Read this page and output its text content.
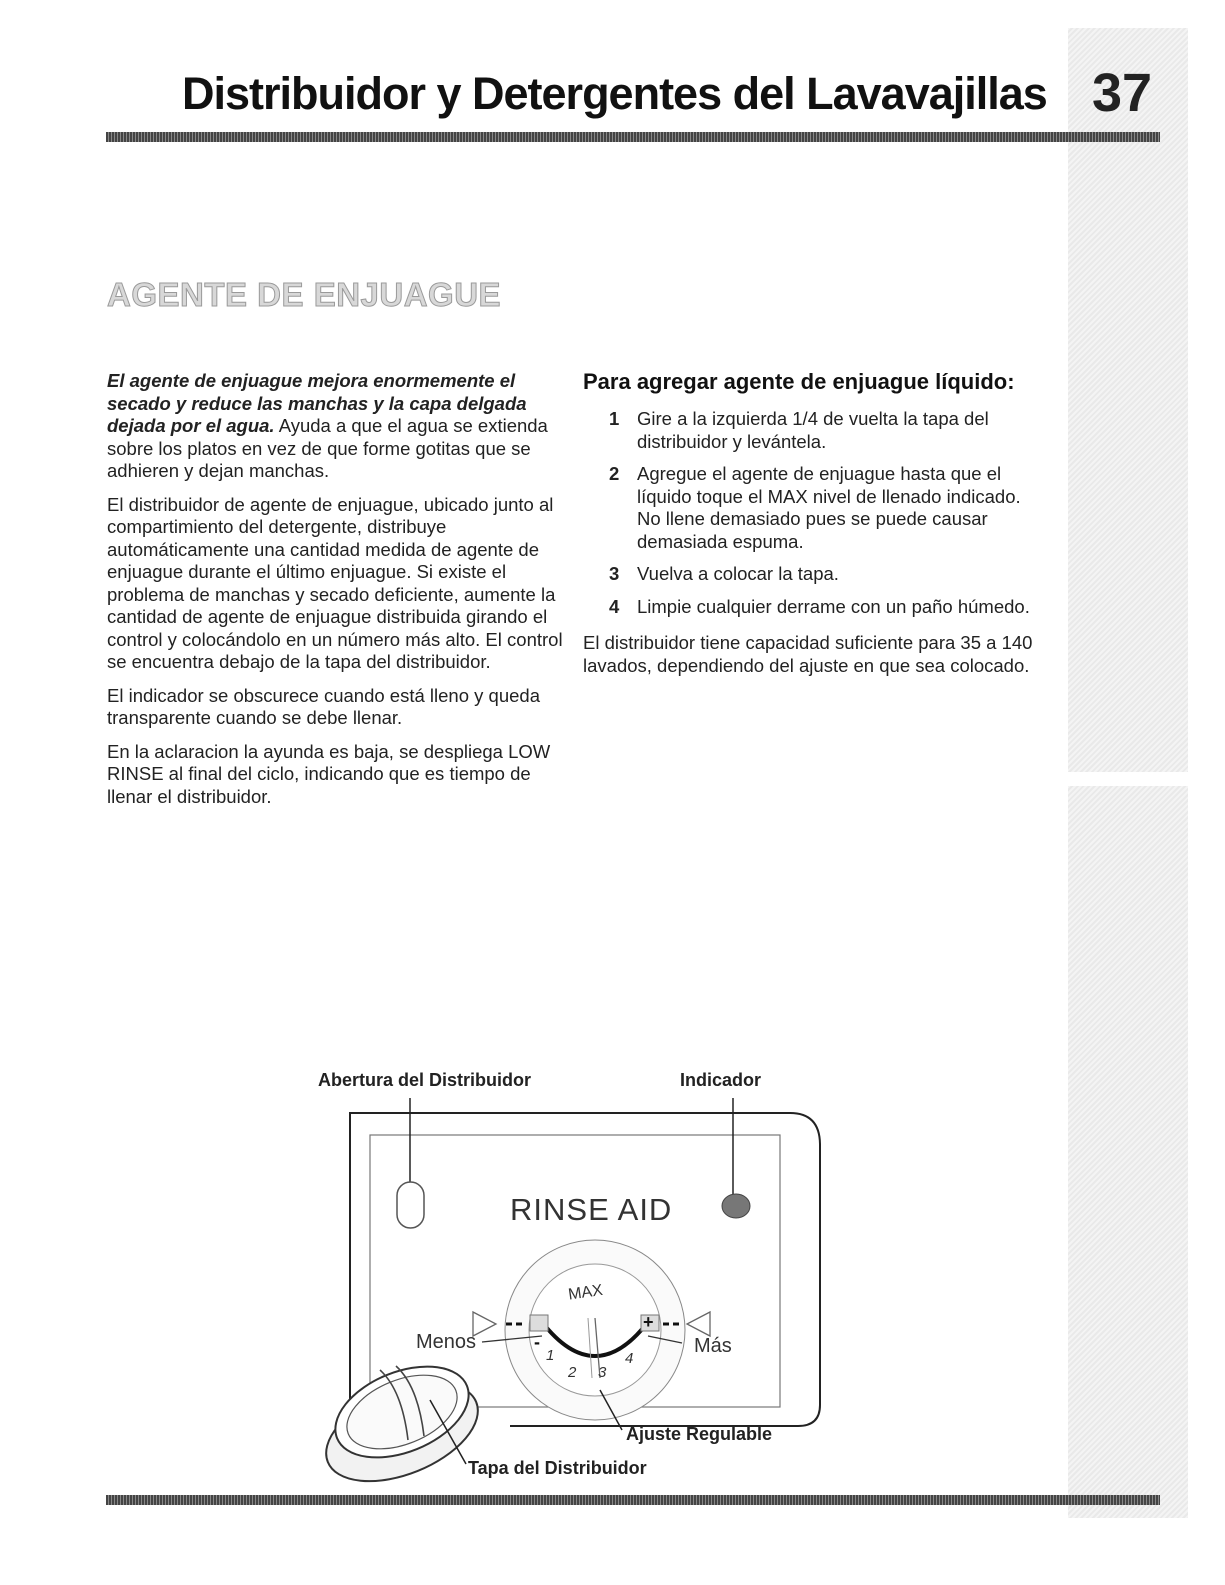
Distribuidor y Detergentes del Lavavajillas 37
AGENTE DE ENJUAGUE

El agente de enjuague mejora enormemente el secado y reduce las manchas y la capa delgada dejada por el agua. Ayuda a que el agua se extienda sobre los platos en vez de que forme gotitas que se adhieren y dejan manchas.

El distribuidor de agente de enjuague, ubicado junto al compartimiento del detergente, distribuye automáticamente una cantidad medida de agente de enjuague durante el último enjuague. Si existe el problema de manchas y secado deficiente, aumente la cantidad de agente de enjuague distribuida girando el control y colocándolo en un número más alto. El control se encuentra debajo de la tapa del distribuidor.

El indicador se obscurece cuando está lleno y queda transparente cuando se debe llenar.

En la aclaracion la ayunda es baja, se despliega LOW RINSE al final del ciclo, indicando que es tiempo de llenar el distribuidor.

Para agregar agente de enjuague líquido:
1 Gire a la izquierda 1/4 de vuelta la tapa del distribuidor y levántela.
2 Agregue el agente de enjuague hasta que el líquido toque el MAX nivel de llenado indicado. No llene demasiado pues se puede causar demasiada espuma.
3 Vuelva a colocar la tapa.
4 Limpie cualquier derrame con un paño húmedo.

El distribuidor tiene capacidad suficiente para 35 a 140 lavados, dependiendo del ajuste en que sea colocado.

Abertura del Distribuidor	Indicador
RINSE AID
MAX
-
+
1
2 3
4
Menos	Más
Ajuste Regulable
Tapa del Distribuidor
